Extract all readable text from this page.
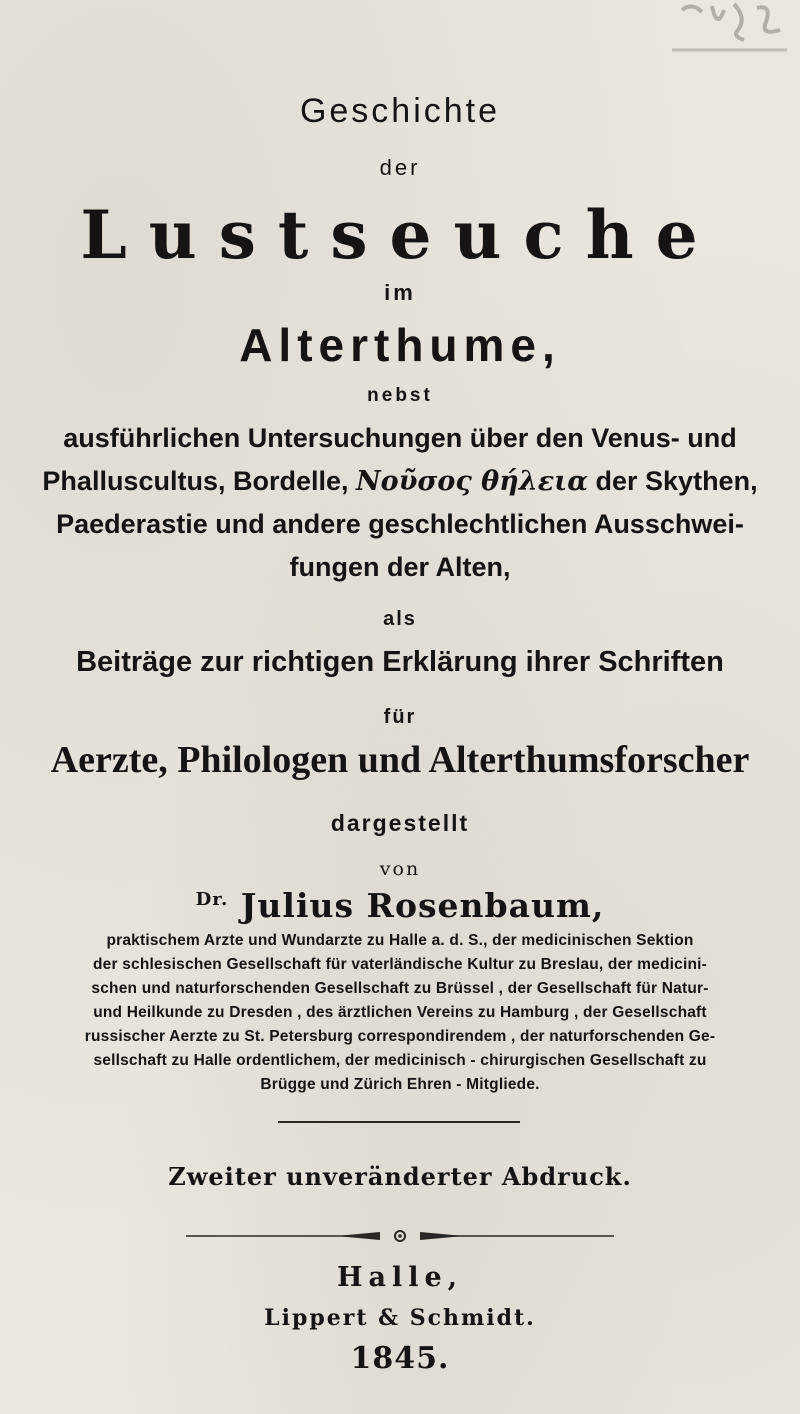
Geschichte
der
Lustseuche
im
Alterthume,
nebst
ausführlichen Untersuchungen über den Venus- und
Phalluscultus, Bordelle, Νοῦσος θήλεια der Skythen,
Paederastie und andere geschlechtlichen Ausschwei-
fungen der Alten,
als
Beiträge zur richtigen Erklärung ihrer Schriften
für
Aerzte, Philologen und Alterthumsforscher
dargestellt
von
$^{Dr.}$ Julius Rosenbaum,
praktischem Arzte und Wundarzte zu Halle a. d. S., der medicinischen Sektion
der schlesischen Gesellschaft für vaterländische Kultur zu Breslau, der medicini-
schen und naturforschenden Gesellschaft zu Brüssel , der Gesellschaft für Natur-
und Heilkunde zu Dresden , des ärztlichen Vereins zu Hamburg , der Gesellschaft
russischer Aerzte zu St. Petersburg correspondirendem , der naturforschenden Ge-
sellschaft zu Halle ordentlichem, der medicinisch - chirurgischen Gesellschaft zu
Brügge und Zürich Ehren - Mitgliede.
Zweiter unveränderter Abdruck.
Halle,
Lippert & Schmidt.
1845.
